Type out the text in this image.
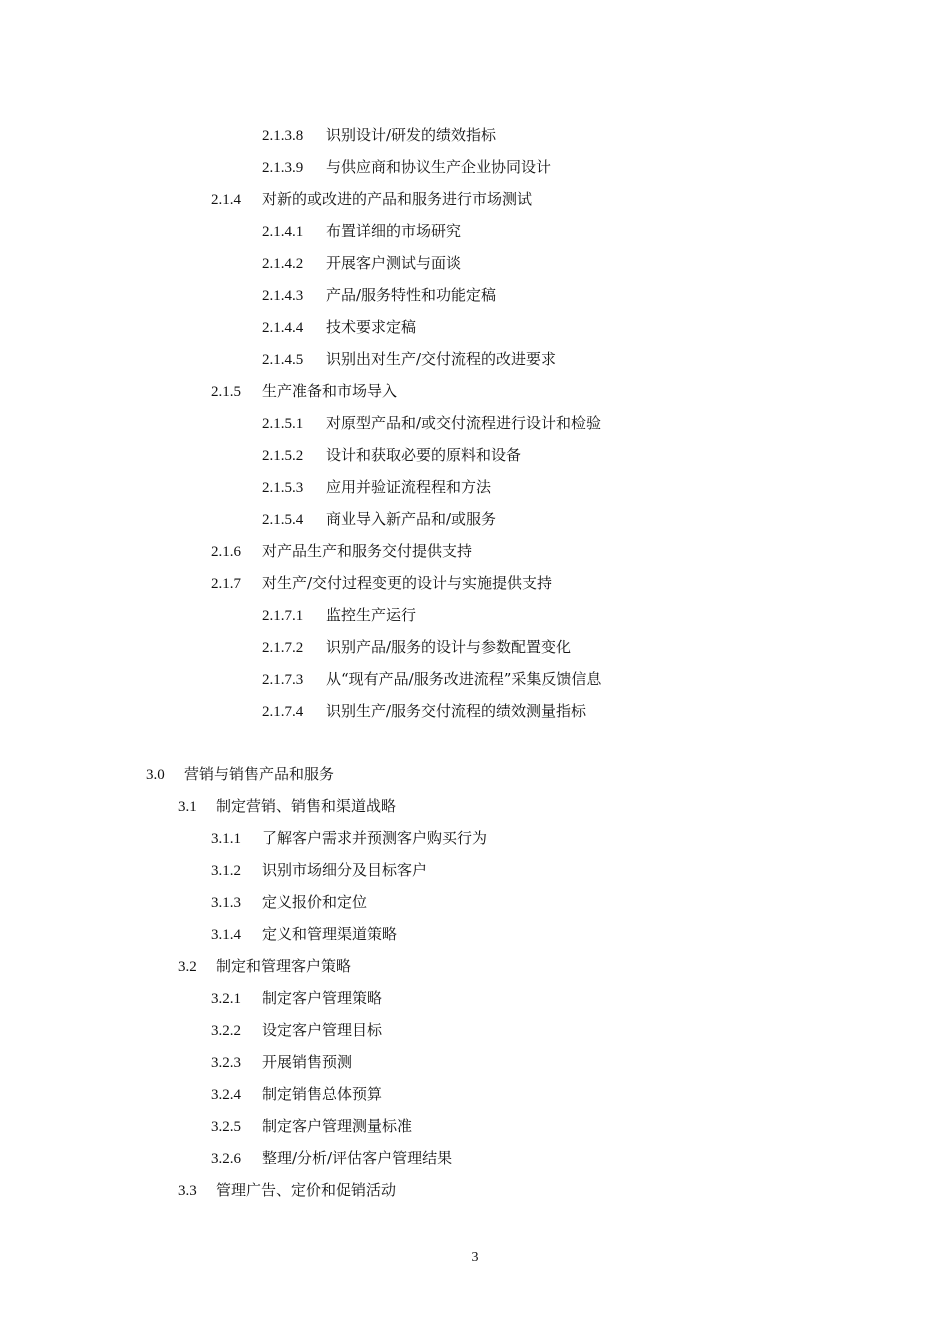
2.1.3.8 识别设计/研发的绩效指标
2.1.3.9 与供应商和协议生产企业协同设计
2.1.4 对新的或改进的产品和服务进行市场测试
2.1.4.1 布置详细的市场研究
2.1.4.2 开展客户测试与面谈
2.1.4.3 产品/服务特性和功能定稿
2.1.4.4 技术要求定稿
2.1.4.5 识别出对生产/交付流程的改进要求
2.1.5 生产准备和市场导入
2.1.5.1 对原型产品和/或交付流程进行设计和检验
2.1.5.2 设计和获取必要的原料和设备
2.1.5.3 应用并验证流程程和方法
2.1.5.4 商业导入新产品和/或服务
2.1.6 对产品生产和服务交付提供支持
2.1.7 对生产/交付过程变更的设计与实施提供支持
2.1.7.1 监控生产运行
2.1.7.2 识别产品/服务的设计与参数配置变化
2.1.7.3 从“现有产品/服务改进流程”采集反馈信息
2.1.7.4 识别生产/服务交付流程的绩效测量指标
3.0 营销与销售产品和服务
3.1 制定营销、销售和渠道战略
3.1.1 了解客户需求并预测客户购买行为
3.1.2 识别市场细分及目标客户
3.1.3 定义报价和定位
3.1.4 定义和管理渠道策略
3.2 制定和管理客户策略
3.2.1 制定客户管理策略
3.2.2 设定客户管理目标
3.2.3 开展销售预测
3.2.4 制定销售总体预算
3.2.5 制定客户管理测量标准
3.2.6 整理/分析/评估客户管理结果
3.3 管理广告、定价和促销活动
3
